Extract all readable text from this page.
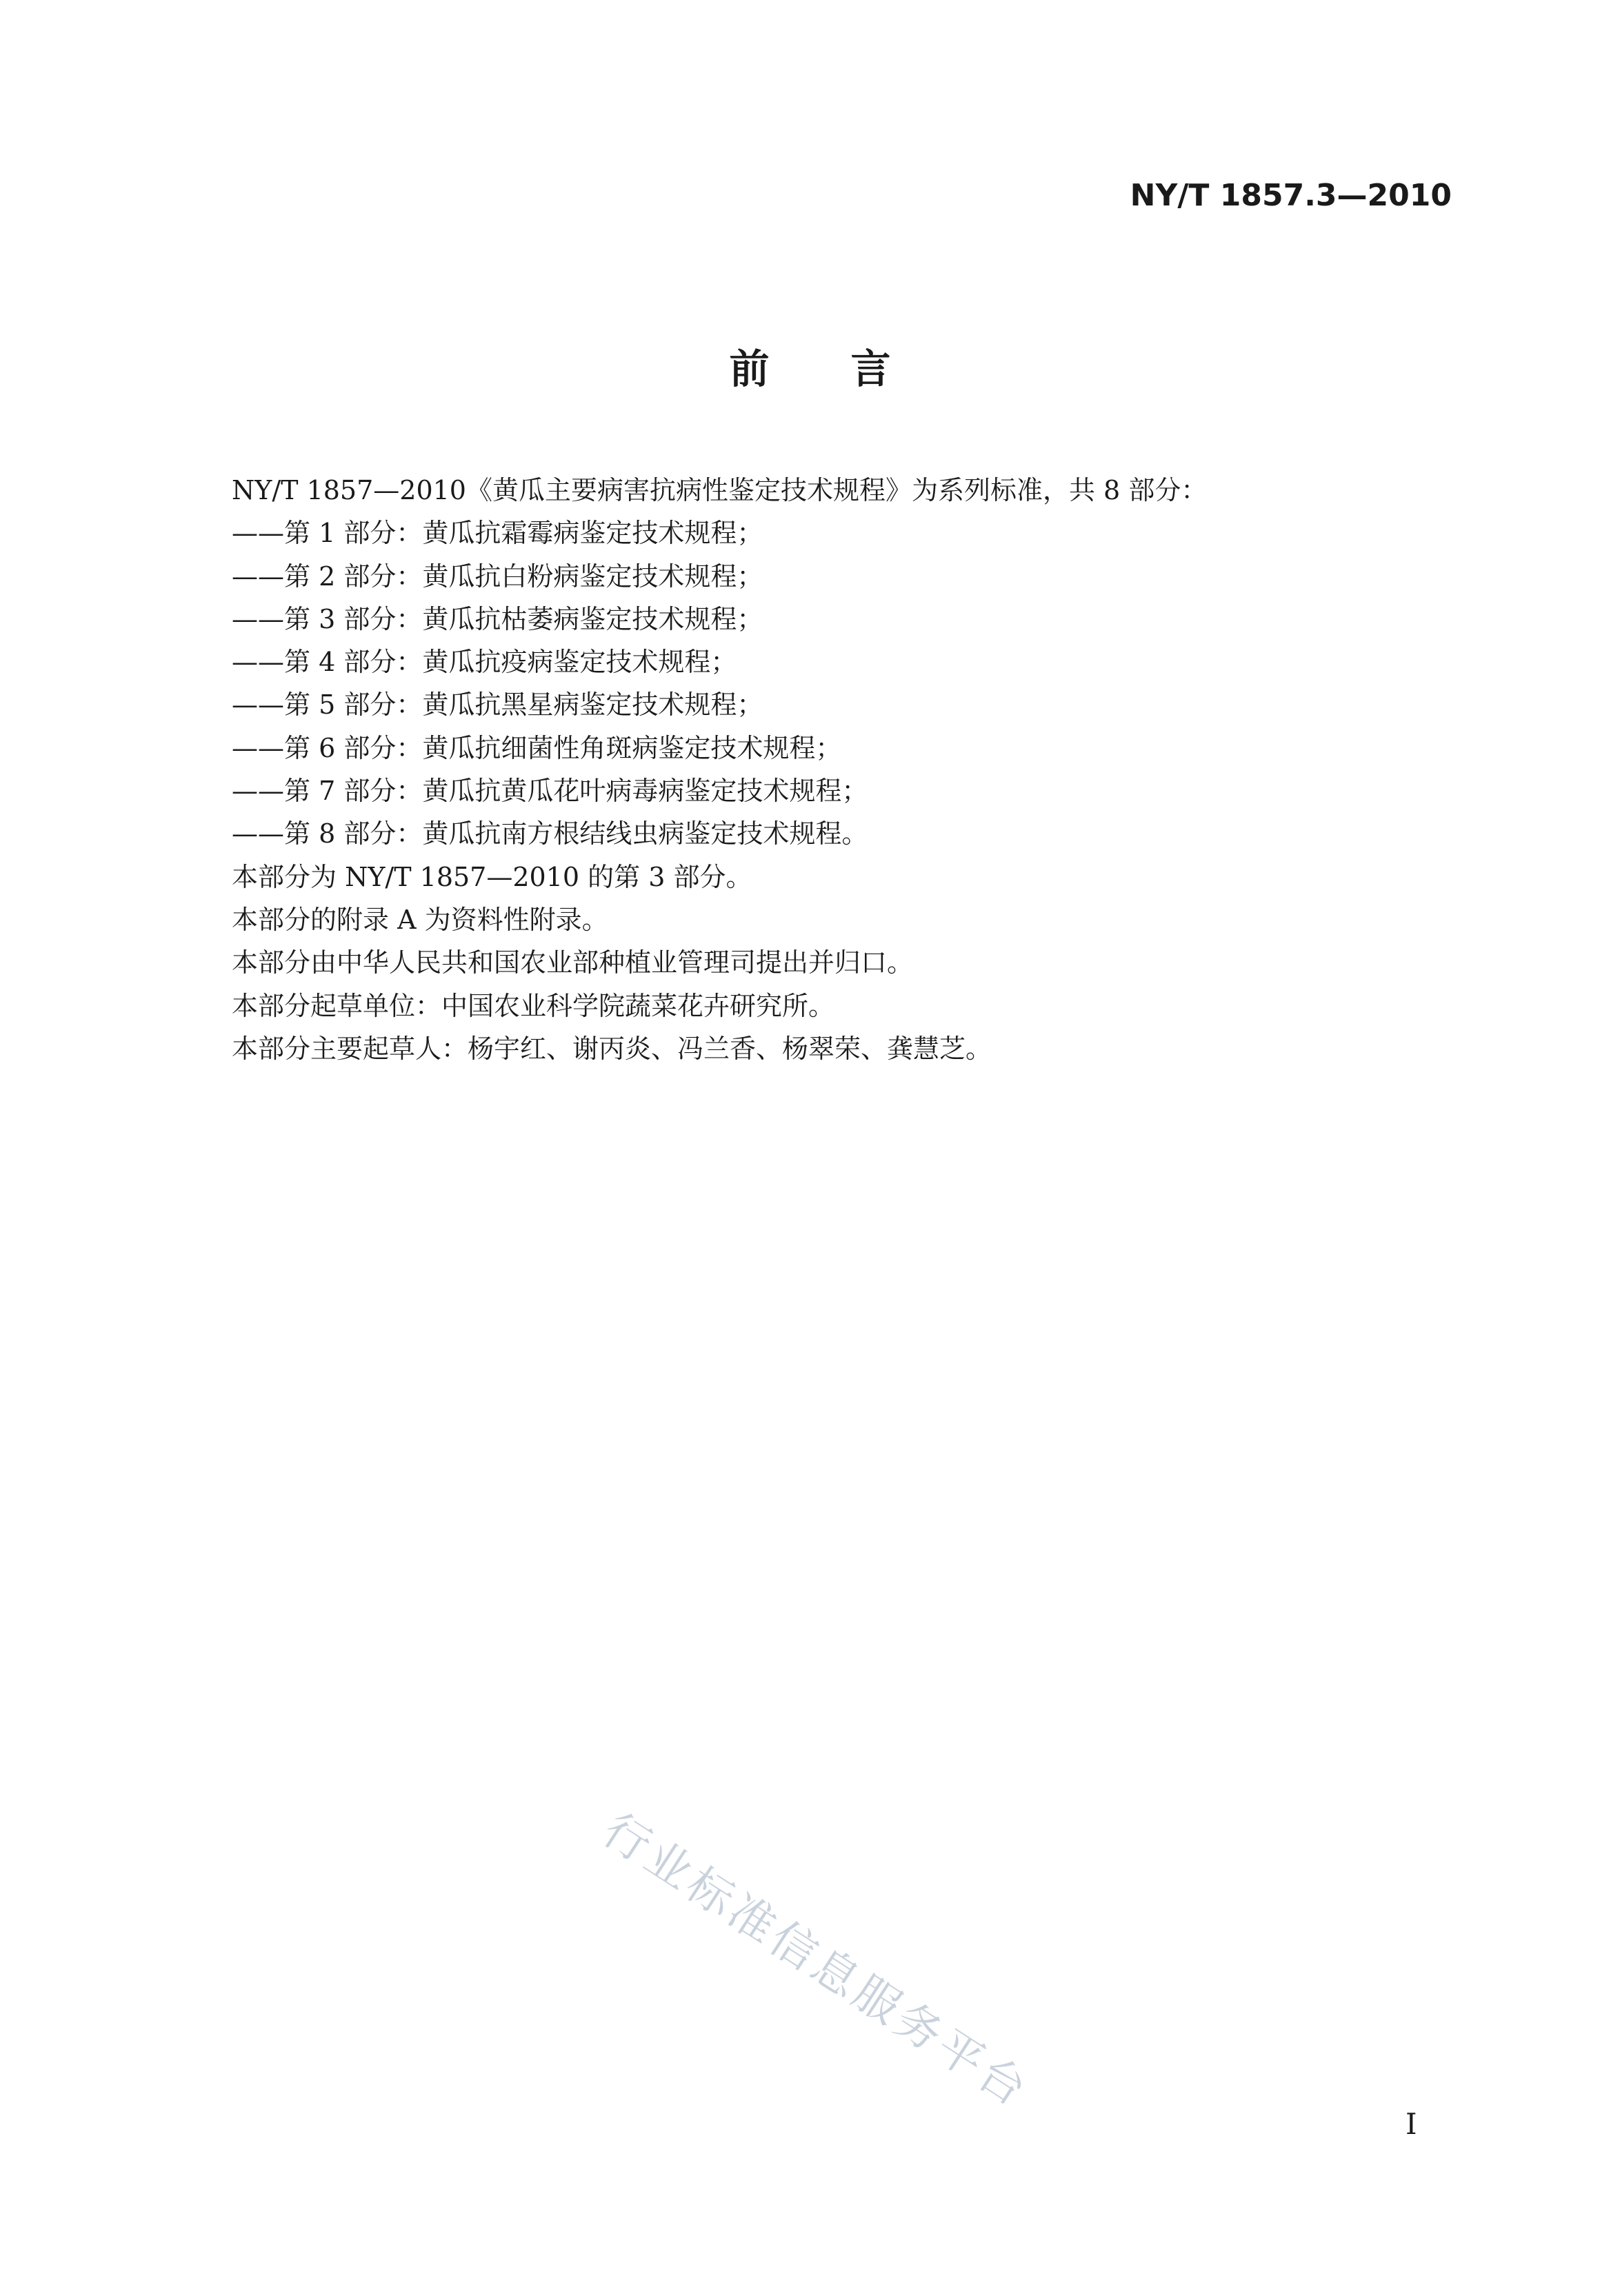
NY/T 1857.3—2010
前言
NY/T 1857—2010《黄瓜主要病害抗病性鉴定技术规程》为系列标准，共 8 部分：
——第 1 部分：黄瓜抗霜霉病鉴定技术规程；
——第 2 部分：黄瓜抗白粉病鉴定技术规程；
——第 3 部分：黄瓜抗枯萎病鉴定技术规程；
——第 4 部分：黄瓜抗疫病鉴定技术规程；
——第 5 部分：黄瓜抗黑星病鉴定技术规程；
——第 6 部分：黄瓜抗细菌性角斑病鉴定技术规程；
——第 7 部分：黄瓜抗黄瓜花叶病毒病鉴定技术规程；
——第 8 部分：黄瓜抗南方根结线虫病鉴定技术规程。
本部分为 NY/T 1857—2010 的第 3 部分。
本部分的附录 A 为资料性附录。
本部分由中华人民共和国农业部种植业管理司提出并归口。
本部分起草单位：中国农业科学院蔬菜花卉研究所。
本部分主要起草人：杨宇红、谢丙炎、冯兰香、杨翠荣、龚慧芝。
行业标准信息服务平台
I
